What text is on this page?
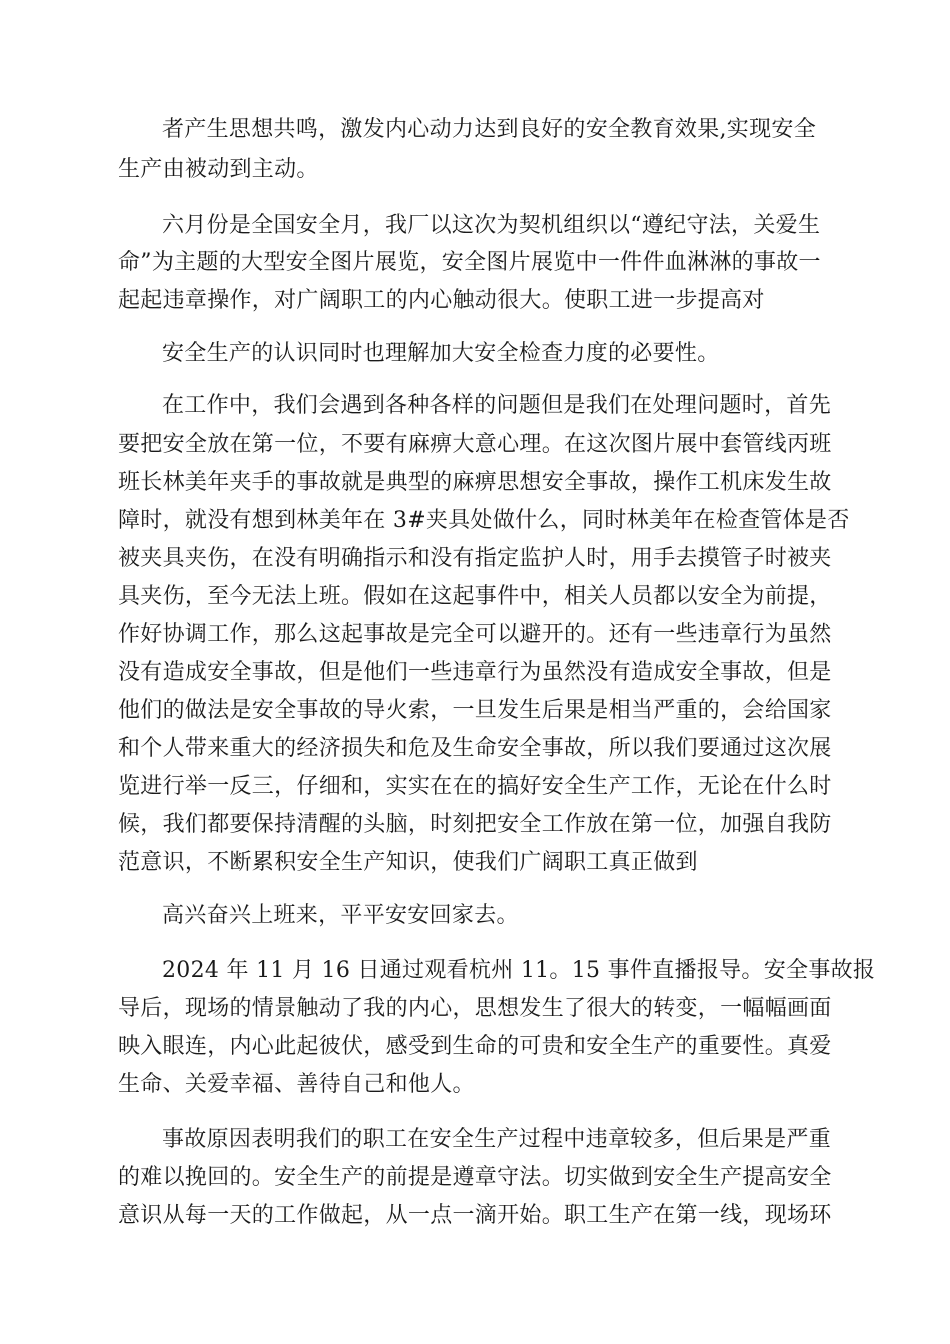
者产生思想共鸣，激发内心动力达到良好的安全教育效果,实现安全
生产由被动到主动。
六月份是全国安全月，我厂以这次为契机组织以“遵纪守法，关爱生
命”为主题的大型安全图片展览，安全图片展览中一件件血淋淋的事故一
起起违章操作，对广阔职工的内心触动很大。使职工进一步提高对
安全生产的认识同时也理解加大安全检查力度的必要性。
在工作中，我们会遇到各种各样的问题但是我们在处理问题时，首先
要把安全放在第一位，不要有麻痹大意心理。在这次图片展中套管线丙班
班长林美年夹手的事故就是典型的麻痹思想安全事故，操作工机床发生故
障时，就没有想到林美年在 3#夹具处做什么，同时林美年在检查管体是否
被夹具夹伤，在没有明确指示和没有指定监护人时，用手去摸管子时被夹
具夹伤，至今无法上班。假如在这起事件中，相关人员都以安全为前提，
作好协调工作，那么这起事故是完全可以避开的。还有一些违章行为虽然
没有造成安全事故，但是他们一些违章行为虽然没有造成安全事故，但是
他们的做法是安全事故的导火索，一旦发生后果是相当严重的，会给国家
和个人带来重大的经济损失和危及生命安全事故，所以我们要通过这次展
览进行举一反三，仔细和，实实在在的搞好安全生产工作，无论在什么时
候，我们都要保持清醒的头脑，时刻把安全工作放在第一位，加强自我防
范意识，不断累积安全生产知识，使我们广阔职工真正做到
高兴奋兴上班来，平平安安回家去。
2024 年 11 月 16 日通过观看杭州 11。15 事件直播报导。安全事故报
导后，现场的情景触动了我的内心，思想发生了很大的转变，一幅幅画面
映入眼连，内心此起彼伏，感受到生命的可贵和安全生产的重要性。真爱
生命、关爱幸福、善待自己和他人。
事故原因表明我们的职工在安全生产过程中违章较多，但后果是严重
的难以挽回的。安全生产的前提是遵章守法。切实做到安全生产提高安全
意识从每一天的工作做起，从一点一滴开始。职工生产在第一线，现场环
